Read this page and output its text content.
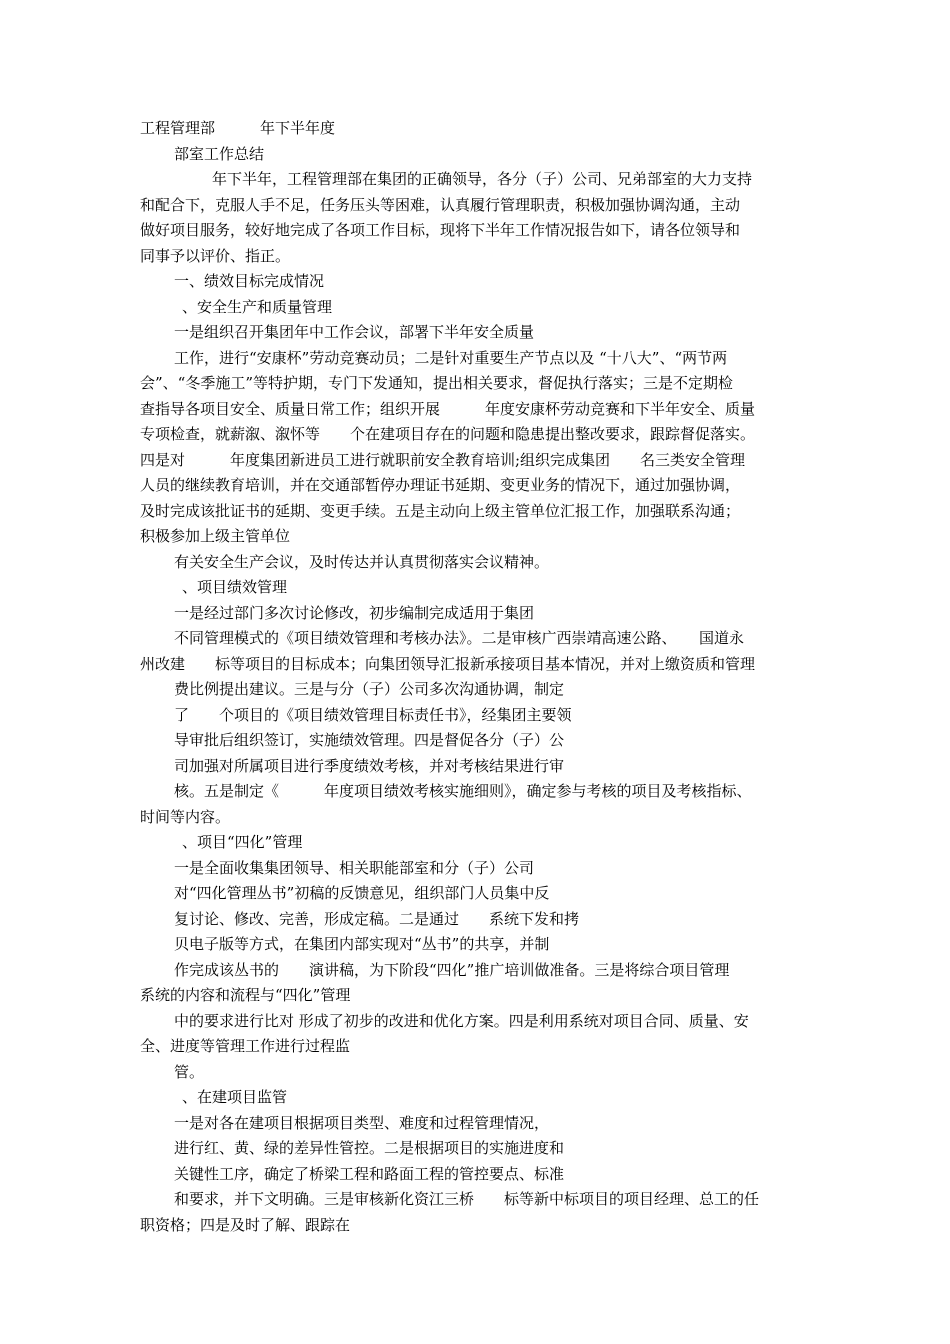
工程管理部　　　年下半年度
部室工作总结
年下半年，工程管理部在集团的正确领导，各分（子）公司、兄弟部室的大力支持
和配合下，克服人手不足，任务压头等困难，认真履行管理职责，积极加强协调沟通，主动
做好项目服务，较好地完成了各项工作目标，现将下半年工作情况报告如下，请各位领导和
同事予以评价、指正。
一、绩效目标完成情况
、安全生产和质量管理
一是组织召开集团年中工作会议，部署下半年安全质量
工作，进行“安康杯”劳动竞赛动员；二是针对重要生产节点以及 “十八大”、“两节两
会”、“冬季施工”等特护期，专门下发通知，提出相关要求，督促执行落实；三是不定期检
查指导各项目安全、质量日常工作；组织开展　　　年度安康杯劳动竞赛和下半年安全、质量
专项检查，就薪溆、溆怀等　　个在建项目存在的问题和隐患提出整改要求，跟踪督促落实。
四是对　　　年度集团新进员工进行就职前安全教育培训;组织完成集团　　名三类安全管理
人员的继续教育培训，并在交通部暂停办理证书延期、变更业务的情况下，通过加强协调，
及时完成该批证书的延期、变更手续。五是主动向上级主管单位汇报工作，加强联系沟通；
积极参加上级主管单位
有关安全生产会议，及时传达并认真贯彻落实会议精神。
、项目绩效管理
一是经过部门多次讨论修改，初步编制完成适用于集团
不同管理模式的《项目绩效管理和考核办法》。二是审核广西崇靖高速公路、　　国道永
州改建　　标等项目的目标成本；向集团领导汇报新承接项目基本情况，并对上缴资质和管理
费比例提出建议。三是与分（子）公司多次沟通协调，制定
了　　个项目的《项目绩效管理目标责任书》，经集团主要领
导审批后组织签订，实施绩效管理。四是督促各分（子）公
司加强对所属项目进行季度绩效考核，并对考核结果进行审
核。五是制定《　　　年度项目绩效考核实施细则》，确定参与考核的项目及考核指标、
时间等内容。
、项目“四化”管理
一是全面收集集团领导、相关职能部室和分（子）公司
对“四化管理丛书”初稿的反馈意见，组织部门人员集中反
复讨论、修改、完善，形成定稿。二是通过　　系统下发和拷
贝电子版等方式，在集团内部实现对“丛书”的共享，并制
作完成该丛书的　　演讲稿，为下阶段“四化”推广培训做准备。三是将综合项目管理
系统的内容和流程与“四化”管理
中的要求进行比对 形成了初步的改进和优化方案。四是利用系统对项目合同、质量、安
全、进度等管理工作进行过程监
管。
、在建项目监管
一是对各在建项目根据项目类型、难度和过程管理情况，
进行红、黄、绿的差异性管控。二是根据项目的实施进度和
关键性工序，确定了桥梁工程和路面工程的管控要点、标准
和要求，并下文明确。三是审核新化资江三桥　　标等新中标项目的项目经理、总工的任
职资格；四是及时了解、跟踪在
